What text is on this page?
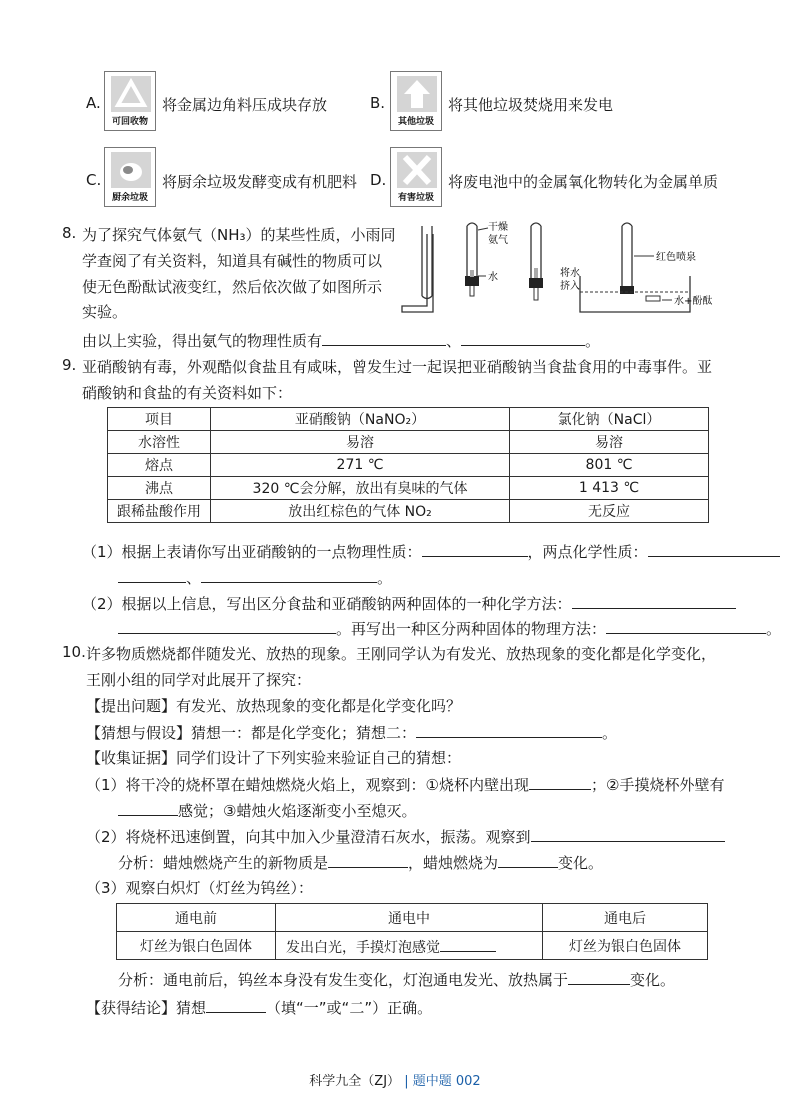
A.
可回收物
将金属边角料压成块存放	B.
其他垃圾
将其他垃圾焚烧用来发电
C.
厨余垃圾
将厨余垃圾发酵变成有机肥料 D.
有害垃圾
将废电池中的金属氧化物转化为金属单质
8. 为了探究气体氨气（NH₃）的某些性质，小雨同
学查阅了有关资料，知道具有碱性的物质可以
使无色酚酞试液变红，然后依次做了如图所示
实验。
由以上实验，得出氨气的物理性质有	、	。
干燥
氨气
水	将水
挤入
红色喷泉
水+酚酞
9. 亚硝酸钠有毒，外观酷似食盐且有咸味，曾发生过一起误把亚硝酸钠当食盐食用的中毒事件。亚
硝酸钠和食盐的有关资料如下：
项目	亚硝酸钠（NaNO₂）	氯化钠（NaCl）
水溶性	易溶	易溶
熔点	271 ℃	801 ℃
沸点	320 ℃会分解，放出有臭味的气体	1 413 ℃
跟稀盐酸作用	放出红棕色的气体 NO₂	无反应
（1）根据上表请你写出亚硝酸钠的一点物理性质：	，两点化学性质：
、	。
（2）根据以上信息，写出区分食盐和亚硝酸钠两种固体的一种化学方法：
。再写出一种区分两种固体的物理方法：	。
10. 许多物质燃烧都伴随发光、放热的现象。王刚同学认为有发光、放热现象的变化都是化学变化，
王刚小组的同学对此展开了探究：
【提出问题】有发光、放热现象的变化都是化学变化吗？
【猜想与假设】猜想一：都是化学变化；猜想二：	。
【收集证据】同学们设计了下列实验来验证自己的猜想：
（1）将干冷的烧杯罩在蜡烛燃烧火焰上，观察到：①烧杯内壁出现	；②手摸烧杯外壁有
感觉；③蜡烛火焰逐渐变小至熄灭。
（2）将烧杯迅速倒置，向其中加入少量澄清石灰水，振荡。观察到
分析：蜡烛燃烧产生的新物质是	，蜡烛燃烧为	变化。
（3）观察白炽灯（灯丝为钨丝）：
通电前	通电中	通电后
灯丝为银白色固体	发出白光，手摸灯泡感觉	灯丝为银白色固体
分析：通电前后，钨丝本身没有发生变化，灯泡通电发光、放热属于	变化。
【获得结论】猜想	（填“一”或“二”）正确。
科学九全（ZJ） | 题中题 002
